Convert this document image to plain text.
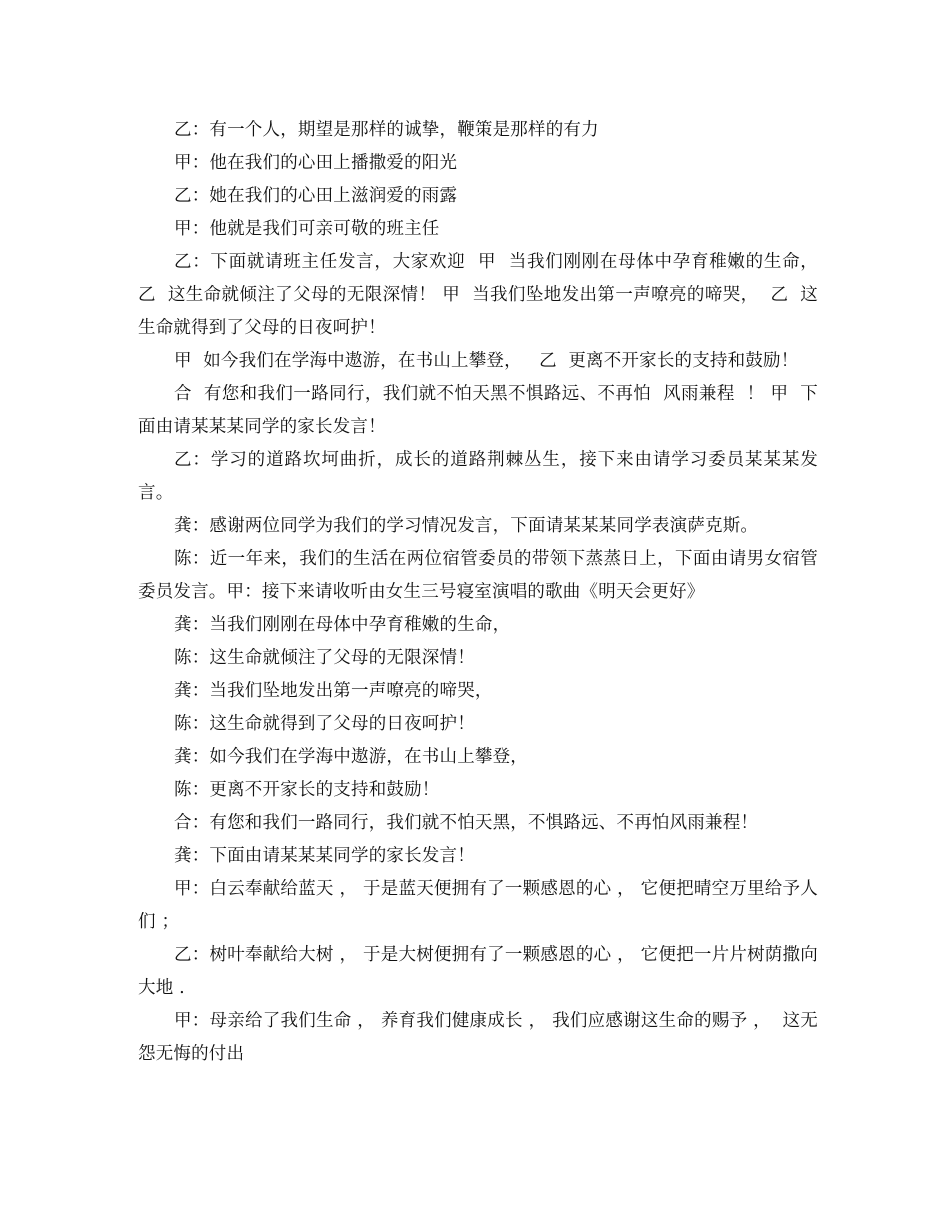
乙：有一个人，期望是那样的诚挚，鞭策是那样的有力

甲：他在我们的心田上播撒爱的阳光

乙：她在我们的心田上滋润爱的雨露

甲：他就是我们可亲可敬的班主任

乙：下面就请班主任发言，大家欢迎  甲  当我们刚刚在母体中孕育稚嫩的生命， 乙  这生命就倾注了父母的无限深情！ 甲  当我们坠地发出第一声嘹亮的啼哭，  乙  这生命就得到了父母的日夜呵护！

甲  如今我们在学海中遨游，在书山上攀登，   乙  更离不开家长的支持和鼓励！

合  有您和我们一路同行，我们就不怕天黑不惧路远、不再怕  风雨兼程  ！ 甲  下面由请某某某同学的家长发言！

乙：学习的道路坎坷曲折，成长的道路荆棘丛生，接下来由请学习委员某某某发言。

龚：感谢两位同学为我们的学习情况发言，下面请某某某同学表演萨克斯。

陈：近一年来，我们的生活在两位宿管委员的带领下蒸蒸日上，下面由请男女宿管委员发言。甲：接下来请收听由女生三号寝室演唱的歌曲《明天会更好》

龚：当我们刚刚在母体中孕育稚嫩的生命，

陈：这生命就倾注了父母的无限深情！

龚：当我们坠地发出第一声嘹亮的啼哭，

陈：这生命就得到了父母的日夜呵护！

龚：如今我们在学海中遨游，在书山上攀登，

陈：更离不开家长的支持和鼓励！

合：有您和我们一路同行，我们就不怕天黑，不惧路远、不再怕风雨兼程！

龚：下面由请某某某同学的家长发言！

甲：白云奉献给蓝天 ， 于是蓝天便拥有了一颗感恩的心 ， 它便把晴空万里给予人们 ；

乙：树叶奉献给大树 ， 于是大树便拥有了一颗感恩的心 ， 它便把一片片树荫撒向大地 .

甲：母亲给了我们生命 ， 养育我们健康成长 ， 我们应感谢这生命的赐予 ，  这无怨无悔的付出
